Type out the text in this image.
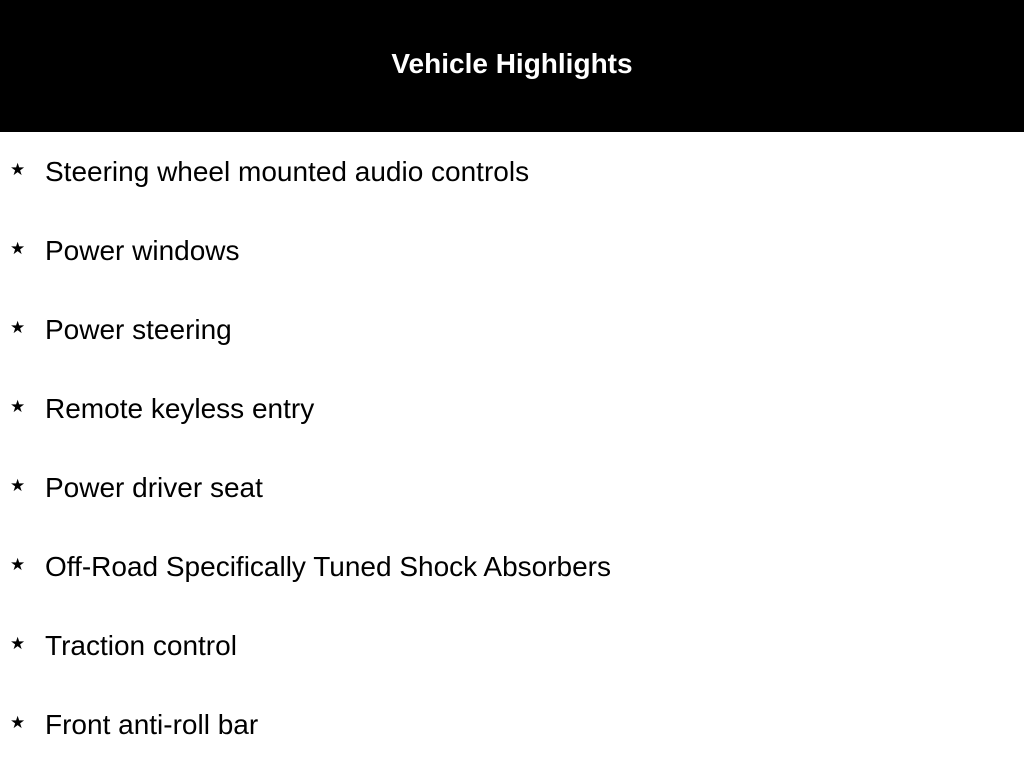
Vehicle Highlights
★ Steering wheel mounted audio controls
★ Power windows
★ Power steering
★ Remote keyless entry
★ Power driver seat
★ Off-Road Specifically Tuned Shock Absorbers
★ Traction control
★ Front anti-roll bar
